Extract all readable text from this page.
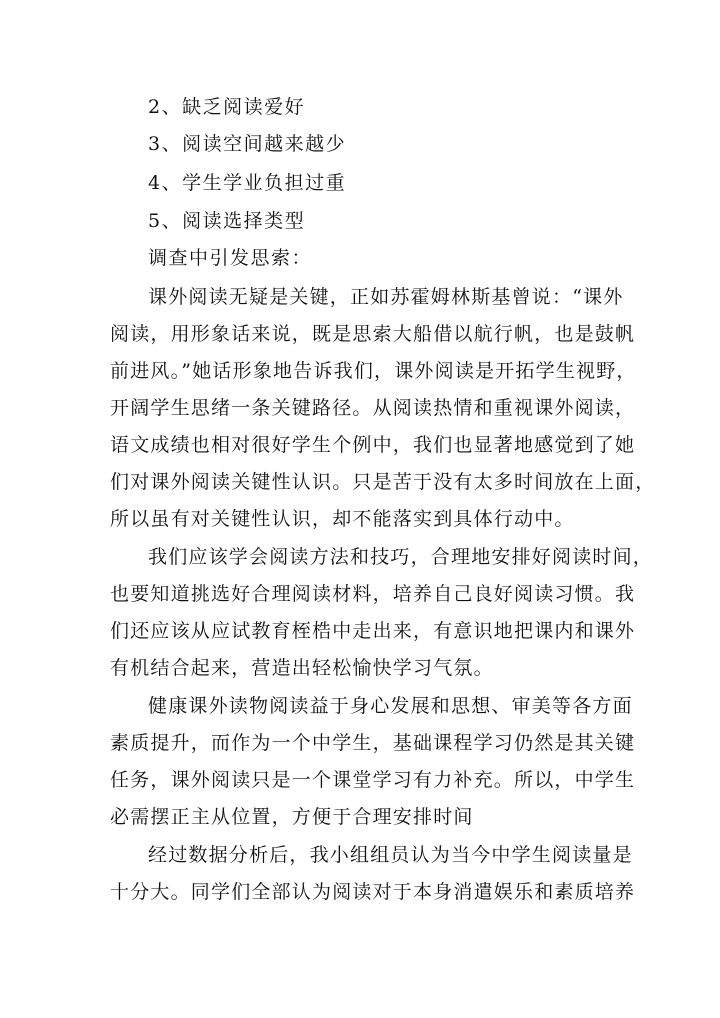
2、缺乏阅读爱好
3、阅读空间越来越少
4、学生学业负担过重
5、阅读选择类型
调查中引发思索：
课外阅读无疑是关键，正如苏霍姆林斯基曾说：“课外
阅读，用形象话来说，既是思索大船借以航行帆，也是鼓帆
前进风。”她话形象地告诉我们，课外阅读是开拓学生视野，
开阔学生思绪一条关键路径。从阅读热情和重视课外阅读，
语文成绩也相对很好学生个例中，我们也显著地感觉到了她
们对课外阅读关键性认识。只是苦于没有太多时间放在上面，
所以虽有对关键性认识，却不能落实到具体行动中。
我们应该学会阅读方法和技巧，合理地安排好阅读时间，
也要知道挑选好合理阅读材料，培养自己良好阅读习惯。我
们还应该从应试教育桎梏中走出来，有意识地把课内和课外
有机结合起来，营造出轻松愉快学习气氛。
健康课外读物阅读益于身心发展和思想、审美等各方面
素质提升，而作为一个中学生，基础课程学习仍然是其关键
任务，课外阅读只是一个课堂学习有力补充。所以，中学生
必需摆正主从位置，方便于合理安排时间
经过数据分析后，我小组组员认为当今中学生阅读量是
十分大。同学们全部认为阅读对于本身消遣娱乐和素质培养
